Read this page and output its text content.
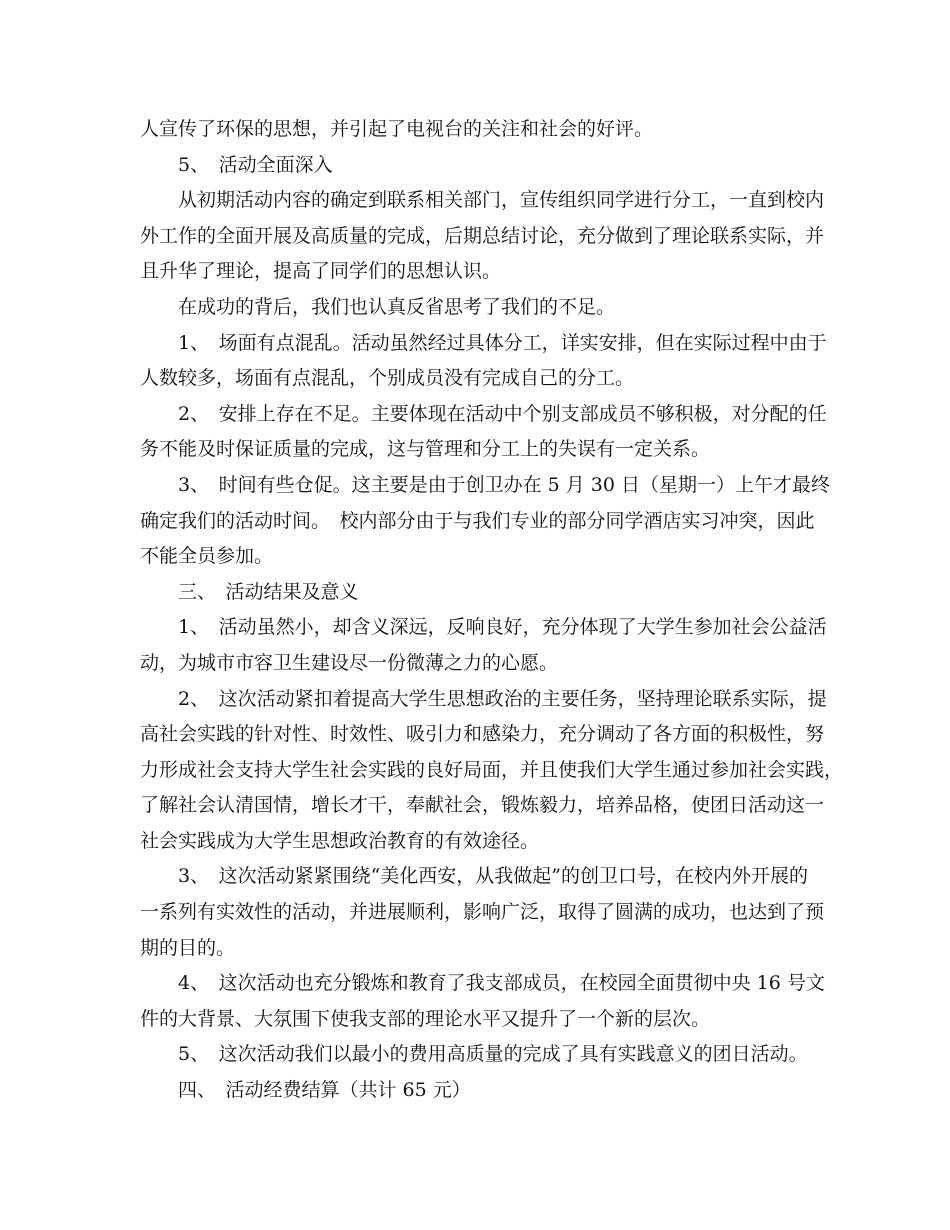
人宣传了环保的思想，并引起了电视台的关注和社会的好评。
5、　活动全面深入
从初期活动内容的确定到联系相关部门，宣传组织同学进行分工，一直到校内
外工作的全面开展及高质量的完成，后期总结讨论，充分做到了理论联系实际，并
且升华了理论，提高了同学们的思想认识。
在成功的背后，我们也认真反省思考了我们的不足。
1、　场面有点混乱。活动虽然经过具体分工，详实安排，但在实际过程中由于
人数较多，场面有点混乱，个别成员没有完成自己的分工。
2、　安排上存在不足。主要体现在活动中个别支部成员不够积极，对分配的任
务不能及时保证质量的完成，这与管理和分工上的失误有一定关系。
3、　时间有些仓促。这主要是由于创卫办在 5 月 30 日（星期一）上午才最终
确定我们的活动时间。　校内部分由于与我们专业的部分同学酒店实习冲突，因此
不能全员参加。
三、　活动结果及意义
1、　活动虽然小，却含义深远，反响良好，充分体现了大学生参加社会公益活
动，为城市市容卫生建设尽一份微薄之力的心愿。
2、　这次活动紧扣着提高大学生思想政治的主要任务，坚持理论联系实际，提
高社会实践的针对性、时效性、吸引力和感染力，充分调动了各方面的积极性，努
力形成社会支持大学生社会实践的良好局面，并且使我们大学生通过参加社会实践，
了解社会认清国情，增长才干，奉献社会，锻炼毅力，培养品格，使团日活动这一
社会实践成为大学生思想政治教育的有效途径。
3、　这次活动紧紧围绕“美化西安，从我做起”的创卫口号，在校内外开展的
一系列有实效性的活动，并进展顺利，影响广泛，取得了圆满的成功，也达到了预
期的目的。
4、　这次活动也充分锻炼和教育了我支部成员，在校园全面贯彻中央 16 号文
件的大背景、大氛围下使我支部的理论水平又提升了一个新的层次。
5、　这次活动我们以最小的费用高质量的完成了具有实践意义的团日活动。
四、　活动经费结算（共计 65 元）
